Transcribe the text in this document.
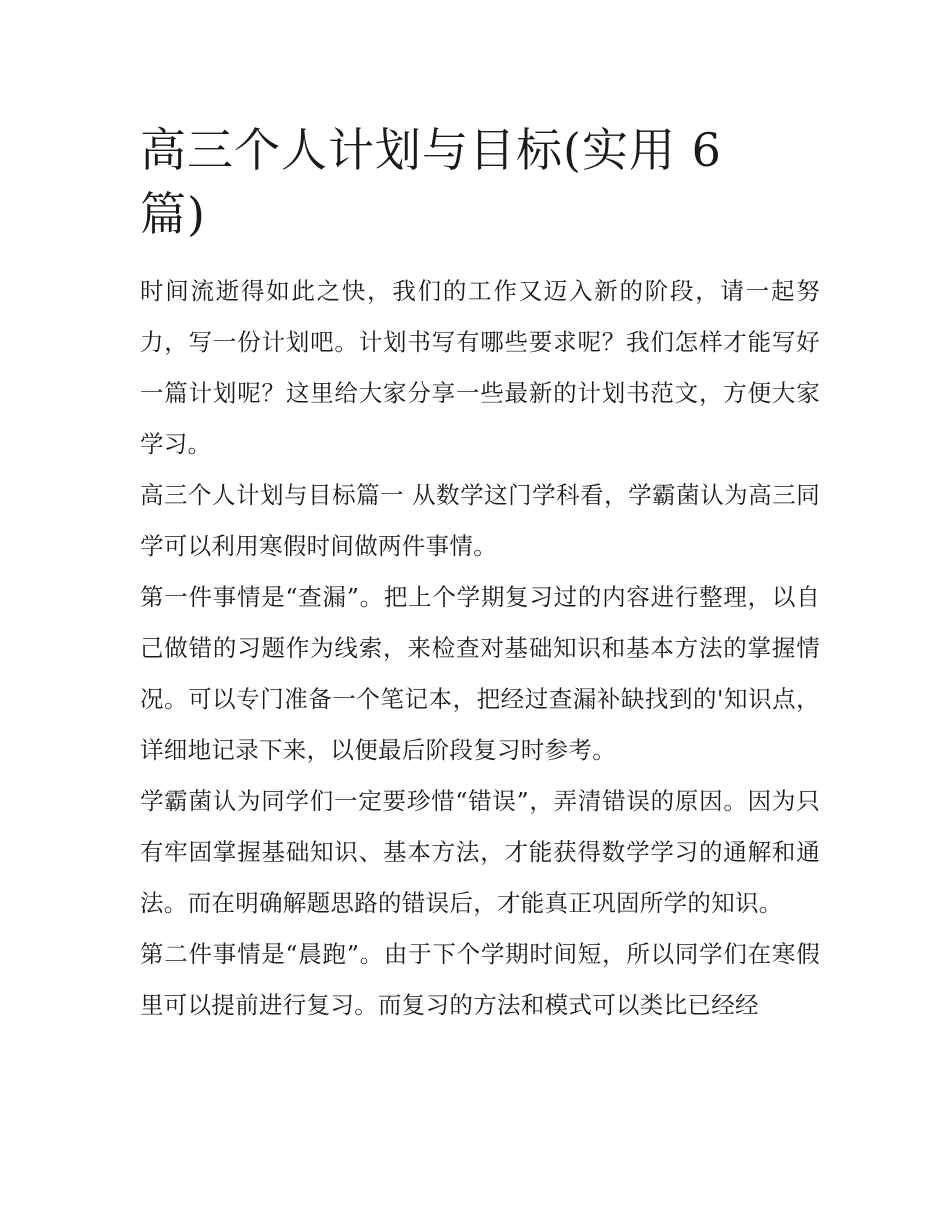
高三个人计划与目标(实用 6 篇)

时间流逝得如此之快，我们的工作又迈入新的阶段，请一起努力，写一份计划吧。计划书写有哪些要求呢？我们怎样才能写好一篇计划呢？这里给大家分享一些最新的计划书范文，方便大家学习。

高三个人计划与目标篇一 从数学这门学科看，学霸菌认为高三同学可以利用寒假时间做两件事情。

第一件事情是“查漏”。把上个学期复习过的内容进行整理，以自己做错的习题作为线索，来检查对基础知识和基本方法的掌握情况。可以专门准备一个笔记本，把经过查漏补缺找到的'知识点，详细地记录下来，以便最后阶段复习时参考。

学霸菌认为同学们一定要珍惜“错误”，弄清错误的原因。因为只有牢固掌握基础知识、基本方法，才能获得数学学习的通解和通法。而在明确解题思路的错误后，才能真正巩固所学的知识。

第二件事情是“晨跑”。由于下个学期时间短，所以同学们在寒假里可以提前进行复习。而复习的方法和模式可以类比已经经
